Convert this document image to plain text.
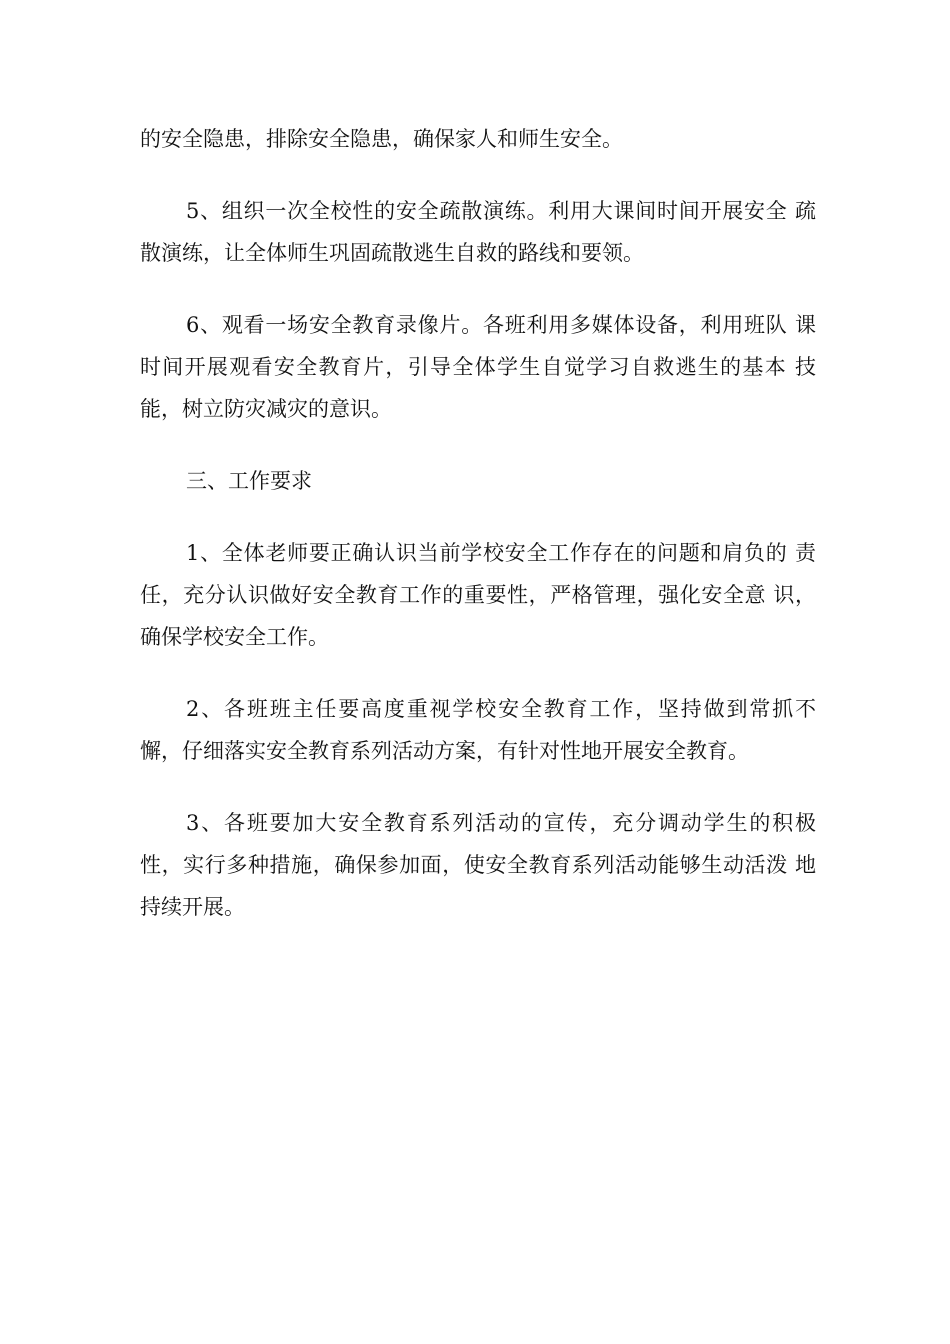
的安全隐患，排除安全隐患，确保家人和师生安全。

5、组织一次全校性的安全疏散演练。利用大课间时间开展安全 疏

散演练，让全体师生巩固疏散逃生自救的路线和要领。

6、观看一场安全教育录像片。各班利用多媒体设备，利用班队 课

时间开展观看安全教育片，引导全体学生自觉学习自救逃生的基本 技

能，树立防灾减灾的意识。

三、工作要求

1、全体老师要正确认识当前学校安全工作存在的问题和肩负的 责

任，充分认识做好安全教育工作的重要性，严格管理，强化安全意 识，

确保学校安全工作。

2、各班班主任要高度重视学校安全教育工作，坚持做到常抓不

懈，仔细落实安全教育系列活动方案，有针对性地开展安全教育。

3、各班要加大安全教育系列活动的宣传，充分调动学生的积极

性，实行多种措施，确保参加面，使安全教育系列活动能够生动活泼 地

持续开展。
